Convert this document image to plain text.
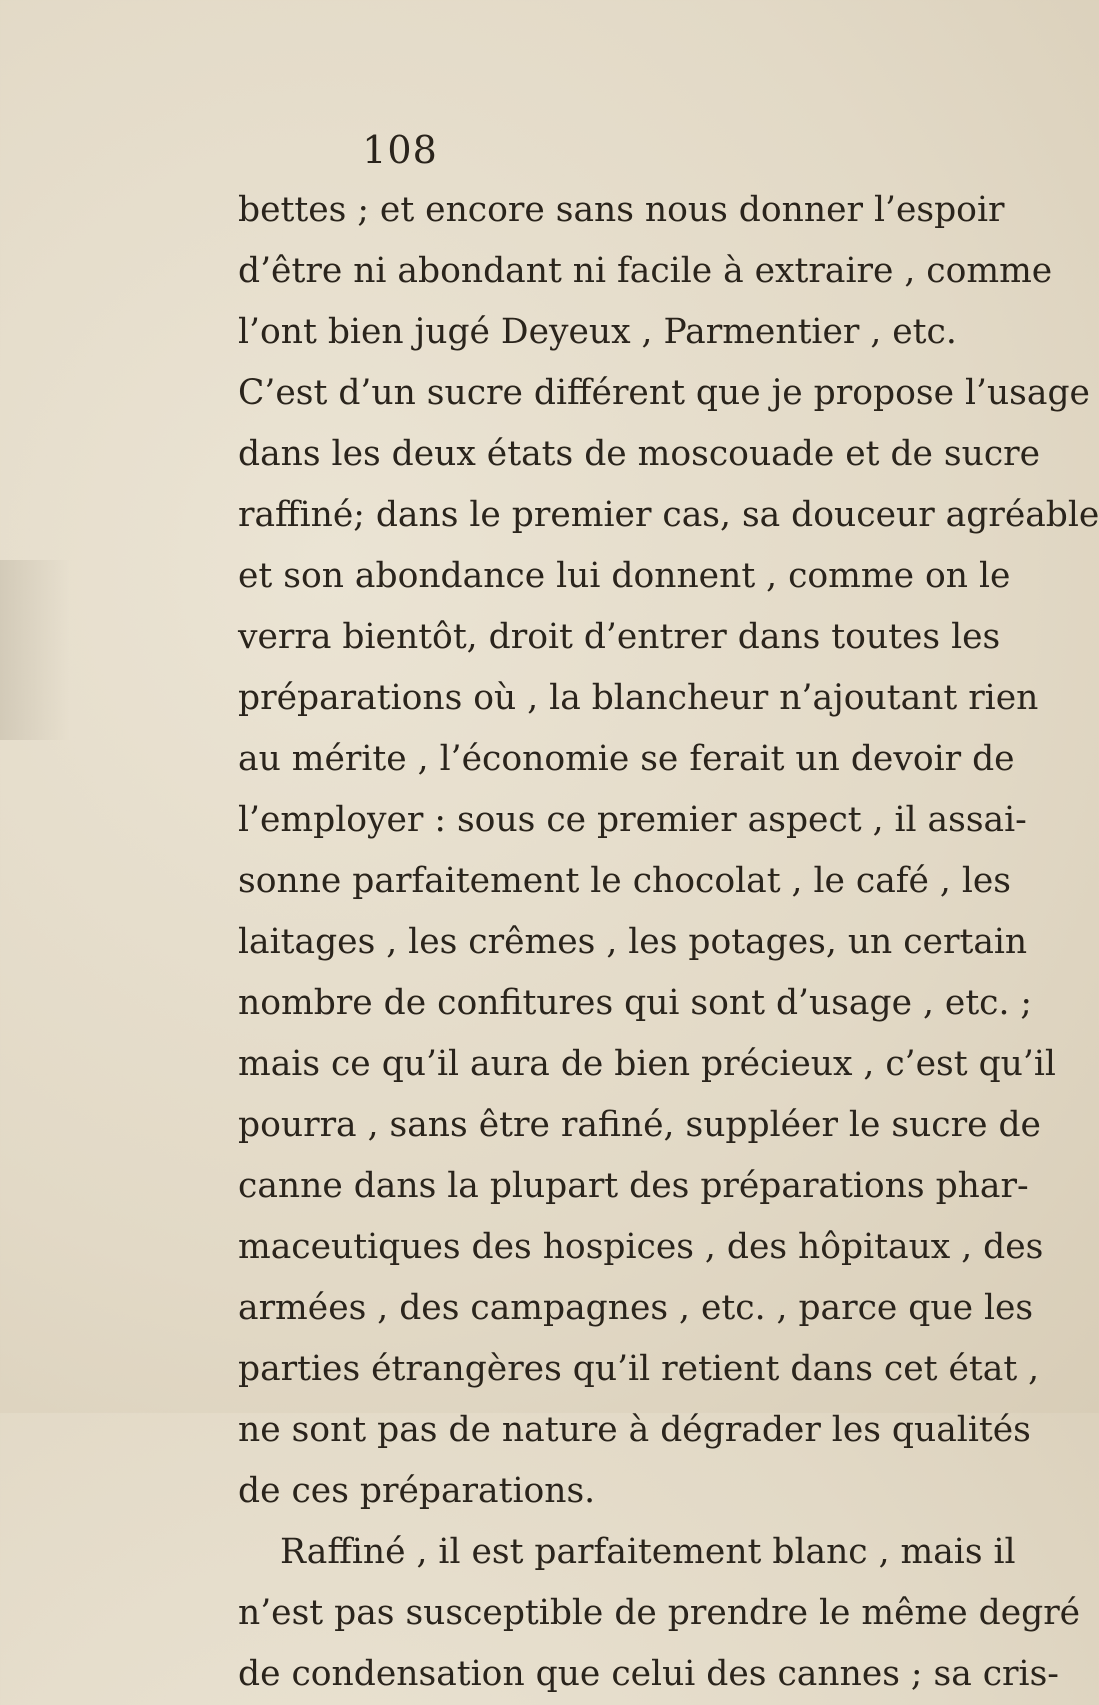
108
bettes ; et encore sans nous donner l’espoir
d’être ni abondant ni facile à extraire , comme
l’ont bien jugé Deyeux , Parmentier , etc.
C’est d’un sucre différent que je propose l’usage
dans les deux états de moscouade et de sucre
raffiné; dans le premier cas, sa douceur agréable
et son abondance lui donnent , comme on le
verra bientôt, droit d’entrer dans toutes les
préparations où , la blancheur n’ajoutant rien
au mérite , l’économie se ferait un devoir de
l’employer : sous ce premier aspect , il assai-
sonne parfaitement le chocolat , le café , les
laitages , les crêmes , les potages, un certain
nombre de confitures qui sont d’usage , etc. ;
mais ce qu’il aura de bien précieux , c’est qu’il
pourra , sans être rafiné, suppléer le sucre de
canne dans la plupart des préparations phar-
maceutiques des hospices , des hôpitaux , des
armées , des campagnes , etc. , parce que les
parties étrangères qu’il retient dans cet état ,
ne sont pas de nature à dégrader les qualités
de ces préparations.
Raffiné , il est parfaitement blanc , mais il
n’est pas susceptible de prendre le même degré
de condensation que celui des cannes ; sa cris-
